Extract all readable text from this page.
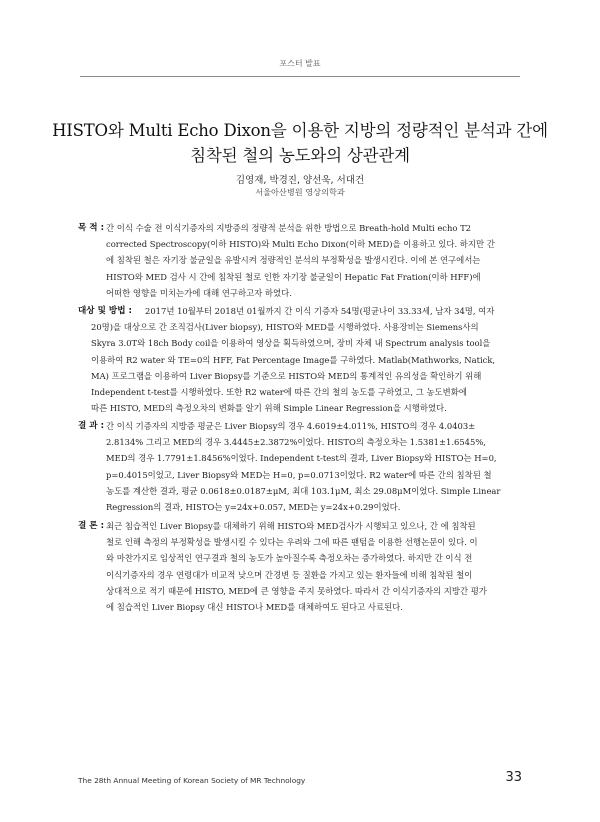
포스터 발표
HISTO와 Multi Echo Dixon을 이용한 지방의 정량적인 분석과 간에
침착된 철의 농도와의 상관관계
김영재, 박경진, 양선욱, 서대건
서울아산병원 영상의학과
목 적 : 간 이식 수술 전 이식기증자의 지방증의 정량적 분석을 위한 방법으로 Breath-hold Multi echo T2
corrected Spectroscopy(이하 HISTO)와 Multi Echo Dixon(이하 MED)을 이용하고 있다. 하지만 간
에 침착된 철은 자기장 불균일을 유발시켜 정량적인 분석의 부정확성을 발생시킨다. 이에 본 연구에서는
HISTO와 MED 검사 시 간에 침착된 철로 인한 자기장 불균일이 Hepatic Fat Fration(이하 HFF)에
어떠한 영향을 미치는가에 대해 연구하고자 하였다.
대상 및 방법 : 2017년 10월부터 2018년 01월까지 간 이식 기증자 54명(평균나이 33.33세, 남자 34명, 여자
20명)을 대상으로 간 조직검사(Liver biopsy), HISTO와 MED를 시행하였다. 사용장비는 Siemens사의
Skyra 3.0T와 18ch Body coil을 이용하여 영상을 획득하였으며, 장비 자체 내 Spectrum analysis tool을
이용하여 R2 water 와 TE=0의 HFF, Fat Percentage Image를 구하였다. Matlab(Mathworks, Natick,
MA) 프로그램을 이용하여 Liver Biopsy를 기준으로 HISTO와 MED의 통계적인 유의성을 확인하기 위해
Independent t-test를 시행하였다. 또한 R2 water에 따른 간의 철의 농도를 구하였고, 그 농도변화에
따른 HISTO, MED의 측정오차의 변화를 알기 위해 Simple Linear Regression을 시행하였다.
결 과 : 간 이식 기증자의 지방증 평균은 Liver Biopsy의 경우 4.6019±4.011%, HISTO의 경우 4.0403±
2.8134% 그리고 MED의 경우 3.4445±2.3872%이었다. HISTO의 측정오차는 1.5381±1.6545%,
MED의 경우 1.7791±1.8456%이었다. Independent t-test의 결과, Liver Biopsy와 HISTO는 H=0,
p=0.4015이었고, Liver Biopsy와 MED는 H=0, p=0.0713이었다. R2 water에 따른 간의 침착된 철
농도를 계산한 결과, 평균 0.0618±0.0187±μM, 최대 103.1μM, 최소 29.08μM이었다. Simple Linear
Regression의 결과, HISTO는 y=24x+0.057, MED는 y=24x+0.29이었다.
결 론 : 최근 침습적인 Liver Biopsy를 대체하기 위해 HISTO와 MED검사가 시행되고 있으나, 간 에 침착된
철로 인해 측정의 부정확성을 발생시킬 수 있다는 우려와 그에 따른 팬텀을 이용한 선행논문이 있다. 이
와 마찬가지로 임상적인 연구결과 철의 농도가 높아질수록 측정오차는 증가하였다. 하지만 간 이식 전
이식기증자의 경우 연령대가 비교적 낮으며 간경변 등 질환을 가지고 있는 환자들에 비해 침착된 철이
상대적으로 적기 때문에 HISTO, MED에 큰 영향을 주지 못하였다. 따라서 간 이식기증자의 지방간 평가
에 침습적인 Liver Biopsy 대신 HISTO나 MED를 대체하여도 된다고 사료된다.
The 28th Annual Meeting of Korean Society of MR Technology	33
